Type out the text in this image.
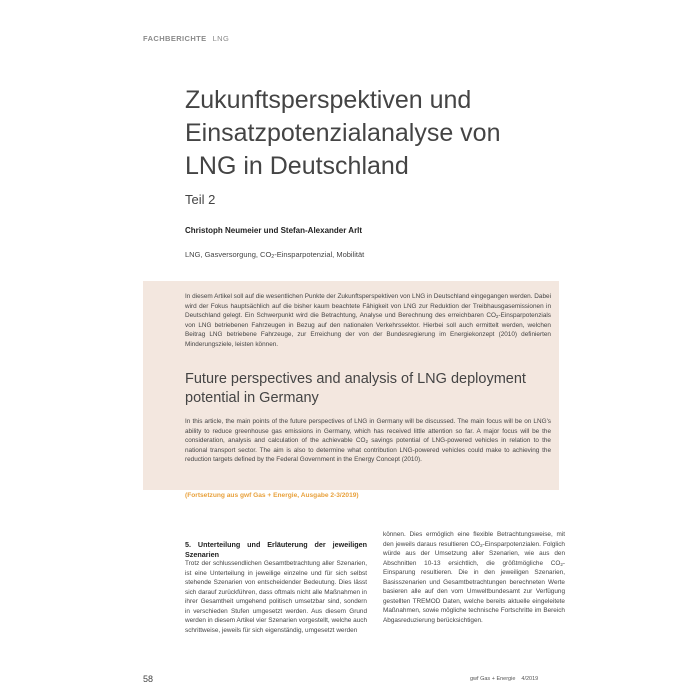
FACHBERICHTE LNG
Zukunftsperspektiven und Einsatzpotenzialanalyse von LNG in Deutschland
Teil 2
Christoph Neumeier und Stefan-Alexander Arlt
LNG, Gasversorgung, $CO_2$-Einsparpotenzial, Mobilität
In diesem Artikel soll auf die wesentlichen Punkte der Zukunftsperspektiven von LNG in Deutschland eingegangen werden. Dabei wird der Fokus hauptsächlich auf die bisher kaum beachtete Fähigkeit von LNG zur Reduktion der Treibhausgasemissionen in Deutschland gelegt. Ein Schwerpunkt wird die Betrachtung, Analyse und Berechnung des erreichbaren $CO_2$-Einsparpotenzials von LNG betriebenen Fahrzeugen in Bezug auf den nationalen Verkehrssektor. Hierbei soll auch ermittelt werden, welchen Beitrag LNG betriebene Fahrzeuge, zur Erreichung der von der Bundesregierung im Energiekonzept (2010) definierten Minderungsziele, leisten können.
Future perspectives and analysis of LNG deployment potential in Germany
In this article, the main points of the future perspectives of LNG in Germany will be discussed. The main focus will be on LNG's ability to reduce greenhouse gas emissions in Germany, which has received little attention so far. A major focus will be the consideration, analysis and calculation of the achievable $CO_2$ savings potential of LNG-powered vehicles in relation to the national transport sector. The aim is also to determine what contribution LNG-powered vehicles could make to achieving the reduction targets defined by the Federal Government in the Energy Concept (2010).
(Fortsetzung aus gwf Gas + Energie, Ausgabe 2-3/2019)

5. Unterteilung und Erläuterung der jeweiligen Szenarien

Trotz der schlussendlichen Gesamtbetrachtung aller Szenarien, ist eine Unterteilung in jeweilige einzelne und für sich selbst stehende Szenarien von entscheidender Bedeutung. Dies lässt sich darauf zurückführen, dass oftmals nicht alle Maßnahmen in ihrer Gesamtheit umgehend politisch umsetzbar sind, sondern in verschieden Stufen umgesetzt werden. Aus diesem Grund werden in diesem Artikel vier Szenarien vorgestellt, welche auch schrittweise, jeweils für sich eigenständig, umgesetzt werden

können. Dies ermöglich eine flexible Betrachtungsweise, mit den jeweils daraus resultieren $CO_2$-Einsparpotenzialen. Folglich würde aus der Umsetzung aller Szenarien, wie aus den Abschnitten 10-13 ersichtlich, die größtmögliche $CO_2$-Einsparung resultieren. Die in den jeweiligen Szenarien, Basisszenarien und Gesamtbetrachtungen berechneten Werte basieren alle auf den vom Umweltbundesamt zur Verfügung gestellten TREMOD Daten, welche bereits aktuelle eingeleitete Maßnahmen, sowie mögliche technische Fortschritte im Bereich Abgasreduzierung berücksichtigen.

58	gwf Gas + Energie 4/2019
